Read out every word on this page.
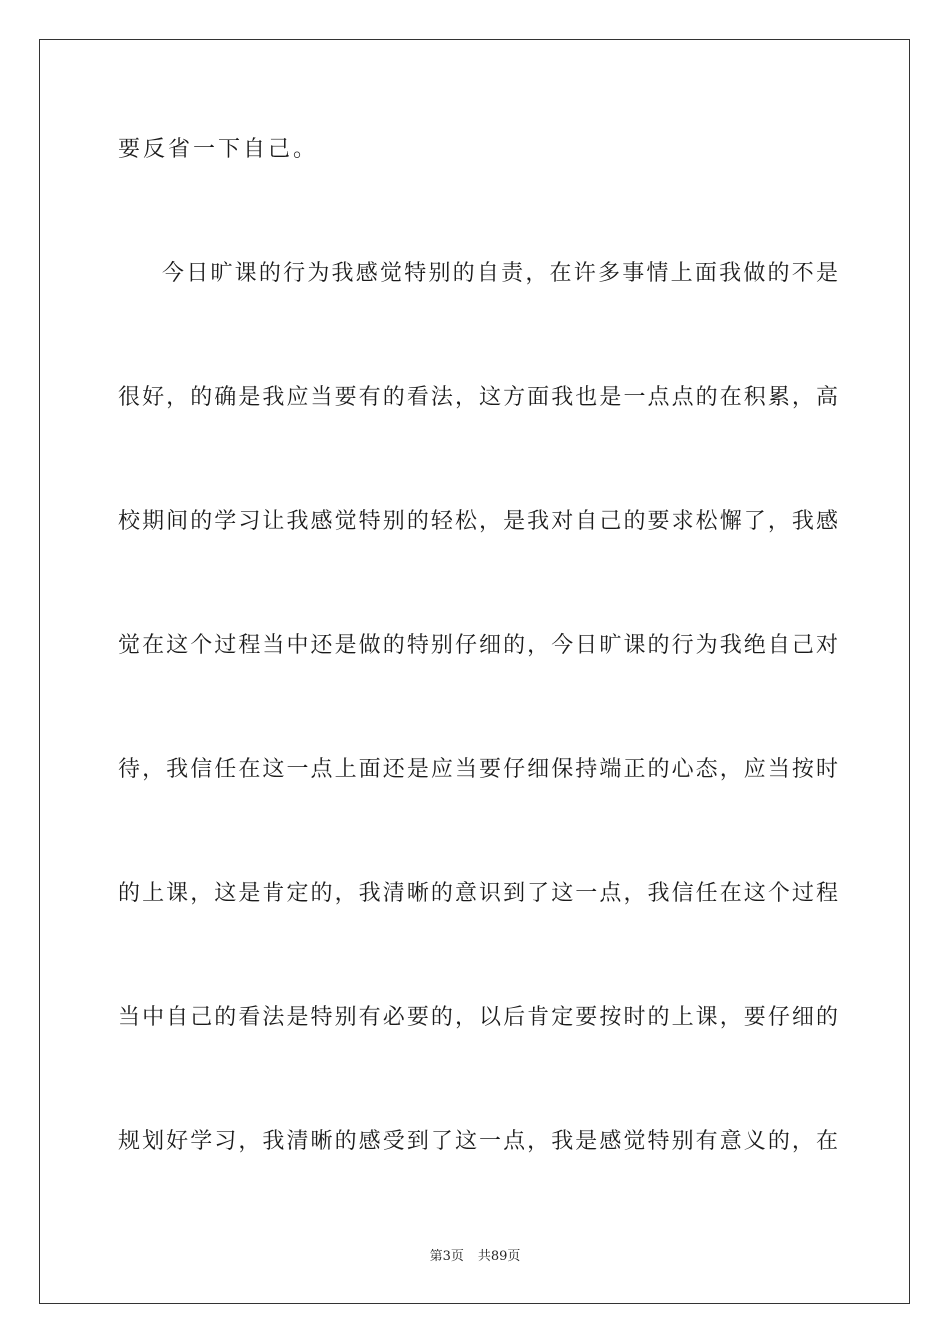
要反省一下自己。
今日旷课的行为我感觉特别的自责，在许多事情上面我做的不是
很好，的确是我应当要有的看法，这方面我也是一点点的在积累，高
校期间的学习让我感觉特别的轻松，是我对自己的要求松懈了，我感
觉在这个过程当中还是做的特别仔细的，今日旷课的行为我绝自己对
待，我信任在这一点上面还是应当要仔细保持端正的心态，应当按时
的上课，这是肯定的，我清晰的意识到了这一点，我信任在这个过程
当中自己的看法是特别有必要的，以后肯定要按时的上课，要仔细的
规划好学习，我清晰的感受到了这一点，我是感觉特别有意义的，在
第3页 共89页
